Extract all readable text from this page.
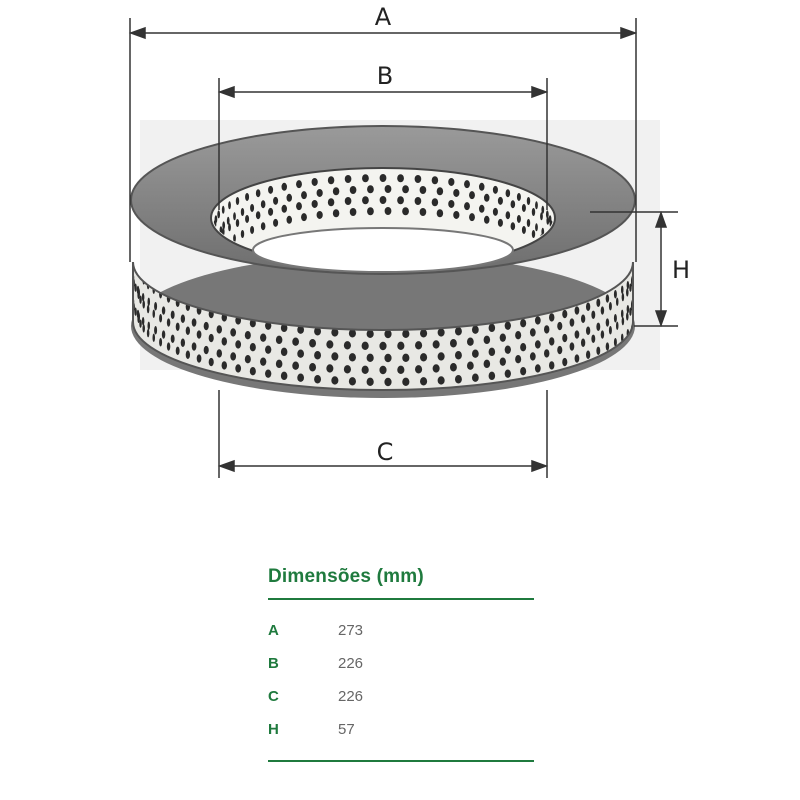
A
B
C
H
Dimensões (mm)
A	273
B	226
C	226
H	57
